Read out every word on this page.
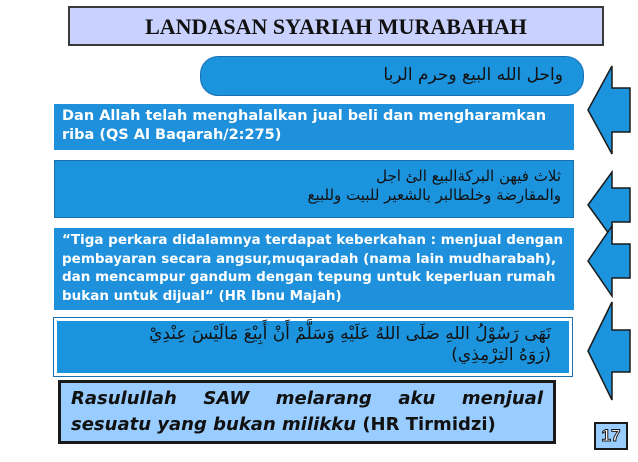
LANDASAN SYARIAH MURABAHAH
واحل الله البيع وحرم الربا
Dan Allah telah menghalalkan jual beli dan mengharamkan riba (QS Al Baqarah/2:275)
ثلاث فيهن البركةالبيع الئ اجل
والمقارضة وخلطالبر بالشعير للبيت وللبيع
“Tiga perkara didalamnya terdapat keberkahan : menjual dengan pembayaran secara angsur,muqaradah (nama lain mudharabah), dan mencampur gandum dengan tepung untuk keperluan rumah bukan untuk dijual“ (HR Ibnu Majah)
نَهَى رَسُوْلُ اللهِ صَلَى اللهُ عَلَيْهِ وَسَلَّمْ أَنْ أَبِيْعَ مَالَيْسَ عِنْدِيْ
(رَوَهُ التِرْمِذِي)
Rasulullah SAW melarang aku menjual
sesuatu yang bukan milikku (HR Tirmidzi)
17
